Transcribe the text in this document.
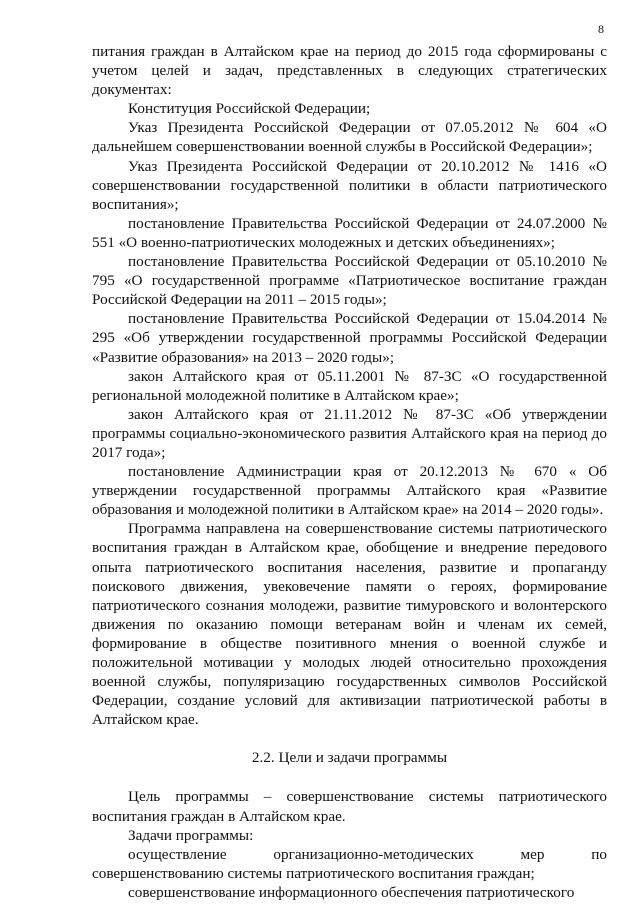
8

питания граждан в Алтайском крае на период до 2015 года сформированы с учетом целей и задач, представленных в следующих стратегических документах:

Конституция Российской Федерации;

Указ Президента Российской Федерации от 07.05.2012 № 604 «О дальнейшем совершенствовании военной службы в Российской Федерации»;

Указ Президента Российской Федерации от 20.10.2012 № 1416 «О совершенствовании государственной политики в области патриотического воспитания»;

постановление Правительства Российской Федерации от 24.07.2000 № 551 «О военно-патриотических молодежных и детских объединениях»;

постановление Правительства Российской Федерации от 05.10.2010 № 795 «О государственной программе «Патриотическое воспитание граждан Российской Федерации на 2011 – 2015 годы»;

постановление Правительства Российской Федерации от 15.04.2014 № 295 «Об утверждении государственной программы Российской Федерации «Развитие образования» на 2013 – 2020 годы»;

закон Алтайского края от 05.11.2001 № 87-ЗС «О государственной региональной молодежной политике в Алтайском крае»;

закон Алтайского края от 21.11.2012 № 87-ЗС «Об утверждении программы социально-экономического развития Алтайского края на период до 2017 года»;

постановление Администрации края от 20.12.2013 № 670 « Об утверждении государственной программы Алтайского края «Развитие образования и молодежной политики в Алтайском крае» на 2014 – 2020 годы».

Программа направлена на совершенствование системы патриотического воспитания граждан в Алтайском крае, обобщение и внедрение передового опыта патриотического воспитания населения, развитие и пропаганду поискового движения, увековечение памяти о героях, формирование патриотического сознания молодежи, развитие тимуровского и волонтерского движения по оказанию помощи ветеранам войн и членам их семей, формирование в обществе позитивного мнения о военной службе и положительной мотивации у молодых людей относительно прохождения военной службы, популяризацию государственных символов Российской Федерации, создание условий для активизации патриотической работы в Алтайском крае.

2.2. Цели и задачи программы

Цель программы – совершенствование системы патриотического воспитания граждан в Алтайском крае.

Задачи программы:

осуществление организационно-методических мер по совершенствованию системы патриотического воспитания граждан;

совершенствование информационного обеспечения патриотического
